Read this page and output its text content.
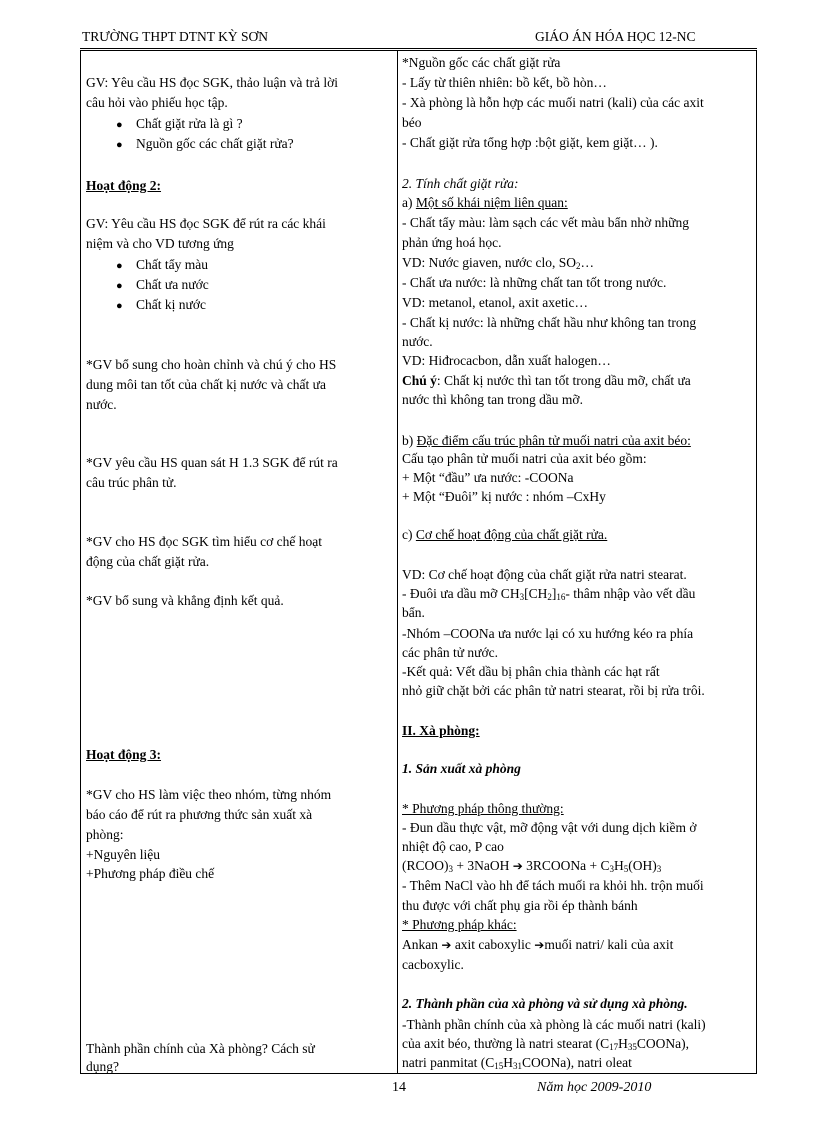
TRƯỜNG THPT DTNT KỲ SƠN	GIÁO ÁN HÓA HỌC 12-NC
GV: Yêu cầu HS đọc SGK, thảo luận và trả lời
câu hỏi vào phiếu học tập.
● Chất giặt rửa là gì ?
● Nguồn gốc các chất giặt rửa?
Hoạt động 2:
GV: Yêu cầu HS đọc SGK để rút ra các khái
niệm và cho VD tương ứng
● Chất tẩy màu
● Chất ưa nước
● Chất kị nước
*GV bổ sung cho hoàn chỉnh và chú ý cho HS
dung môi tan tốt của chất kị nước và chất ưa
nước.
*GV yêu cầu HS quan sát H 1.3 SGK để rút ra
câu trúc phân tử.
*GV cho HS đọc SGK tìm hiểu cơ chế hoạt
động của chất giặt rửa.
*GV bổ sung và khẳng định kết quả.
Hoạt động 3:
*GV cho HS làm việc theo nhóm, từng nhóm
báo cáo để rút ra phương thức sản xuất xà
phòng:
+Nguyên liệu
+Phương pháp điều chế
Thành phần chính của Xà phòng? Cách sử
dụng?
*Nguồn gốc các chất giặt rửa
- Lấy từ thiên nhiên: bồ kết, bồ hòn…
- Xà phòng là hỗn hợp các muối natri (kali) của các axit
béo
- Chất giặt rửa tổng hợp :bột giặt, kem giặt… ).
2. Tính chất giặt rửa:
a) Một số khái niệm liên quan:
- Chất tẩy màu: làm sạch các vết màu bẩn nhờ những
phản ứng hoá học.
VD: Nước giaven, nước clo, $SO_2\dots$
- Chất ưa nước: là những chất tan tốt trong nước.
VD: metanol, etanol, axit axetic…
- Chất kị nước: là những chất hầu như không tan trong
nước.
VD: Hiđrocacbon, dẫn xuất halogen…
Chú ý: Chất kị nước thì tan tốt trong dầu mỡ, chất ưa
nước thì không tan trong dầu mỡ.
b) Đặc điểm cấu trúc phân tử muối natri của axit béo:
Cấu tạo phân tử muối natri của axit béo gồm:
+ Một “đầu” ưa nước: -COONa
+ Một “Đuôi” kị nước : nhóm –CxHy
c) Cơ chế hoạt động của chất giặt rửa.
VD: Cơ chế hoạt động của chất giặt rửa natri stearat.
- Đuôi ưa dầu mỡ $CH_3[CH_2]_{16}-$ thâm nhập vào vết dầu
bẩn.
-Nhóm –COONa ưa nước lại có xu hướng kéo ra phía
các phân tử nước.
-Kết quả: Vết dầu bị phân chia thành các hạt rất
nhỏ giữ chặt bởi các phân tử natri stearat, rồi bị rửa trôi.
II. Xà phòng:
1. Sản xuất xà phòng
* Phương pháp thông thường:
- Đun dầu thực vật, mỡ động vật với dung dịch kiềm ở
nhiệt độ cao, P cao
$(RCOO)_3$ + 3NaOH ➔ 3RCOONa + $C_3H_5(OH)_3$
- Thêm NaCl vào hh để tách muối ra khỏi hh. trộn muối
thu được với chất phụ gia rồi ép thành bánh
* Phương pháp khác:
Ankan ➔ axit caboxylic ➔muối natri/ kali của axit
cacboxylic.
2. Thành phần của xà phòng và sử dụng xà phòng.
-Thành phần chính của xà phòng là các muối natri (kali)
của axit béo, thường là natri stearat $(C_{17}H_{35}COONa)$,
natri panmitat $(C_{15}H_{31}COONa)$, natri oleat
14	Năm học 2009-2010
